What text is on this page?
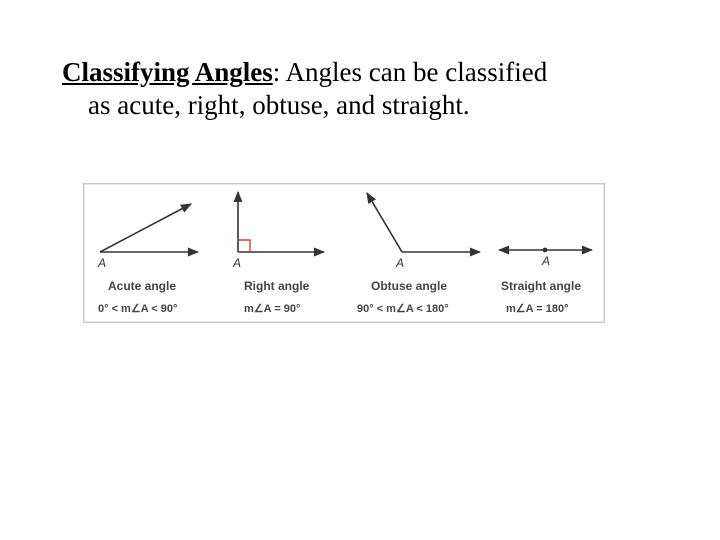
Classifying Angles: Angles can be classified
as acute, right, obtuse, and straight.
A	A	A	A
Acute angle	Right angle	Obtuse angle	Straight angle
0° < m∠A < 90°	m∠A = 90°	90° < m∠A < 180°	m∠A = 180°
